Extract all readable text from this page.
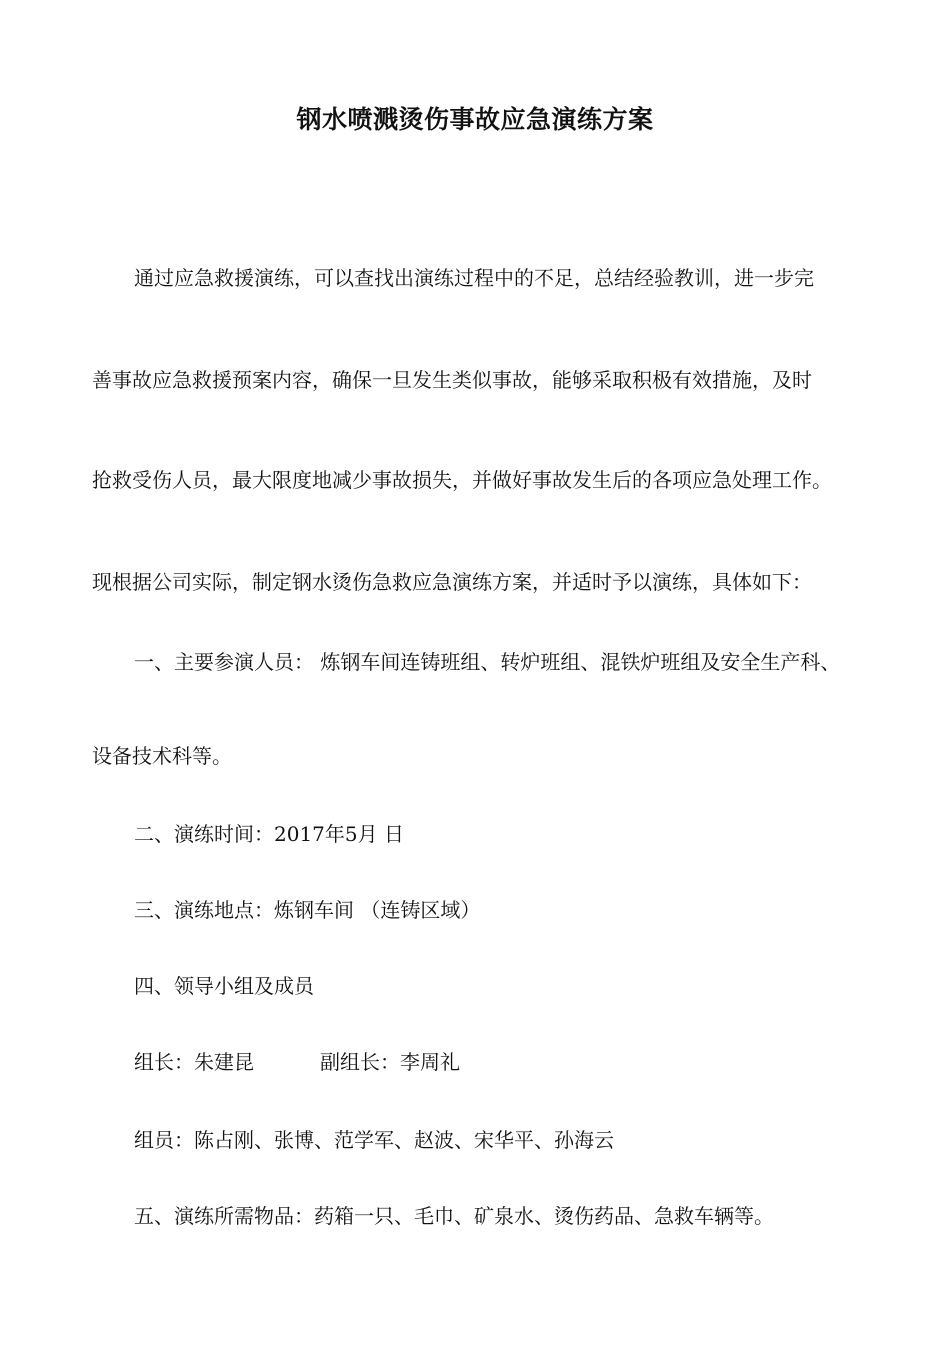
钢水喷溅烫伤事故应急演练方案
通过应急救援演练，可以查找出演练过程中的不足，总结经验教训，进一步完
善事故应急救援预案内容，确保一旦发生类似事故，能够采取积极有效措施，及时
抢救受伤人员，最大限度地减少事故损失，并做好事故发生后的各项应急处理工作。
现根据公司实际，制定钢水烫伤急救应急演练方案，并适时予以演练，具体如下：
一、主要参演人员： 炼钢车间连铸班组、转炉班组、混铁炉班组及安全生产科、
设备技术科等。
二、演练时间：2017年5月 日
三、演练地点：炼钢车间 （连铸区域）
四、领导小组及成员
组长：朱建昆	副组长：李周礼
组员：陈占刚、张博、范学军、赵波、宋华平、孙海云
五、演练所需物品：药箱一只、毛巾、矿泉水、烫伤药品、急救车辆等。
